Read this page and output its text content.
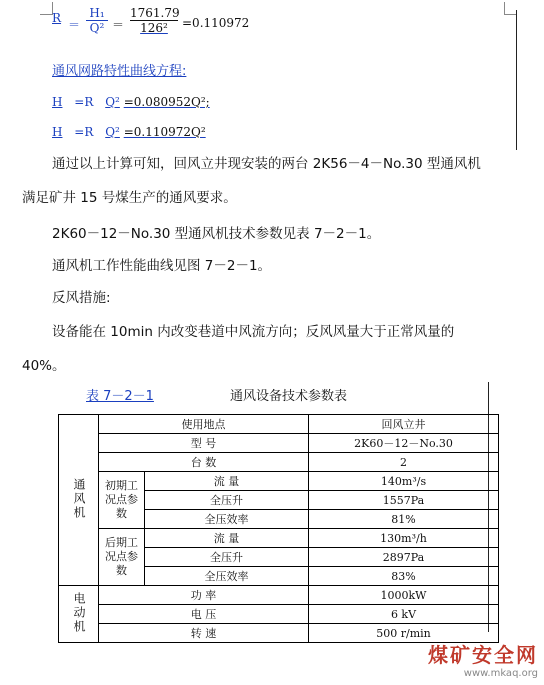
$R = \frac{\text{H₁}}{\text{Q²}}$ ＝
1761.79
126²	=0.110972
通风网路特性曲线方程:
H =R Q² =0.080952Q²;
H =R Q² =0.110972Q²
通过以上计算可知，回风立井现安装的两台 2K56－4－No.30 型通风机
满足矿井 15 号煤生产的通风要求。
2K60－12－No.30 型通风机技术参数见表 7－2－1。
通风机工作性能曲线见图 7－2－1。
反风措施:
设备能在 10min 内改变巷道中风流方向；反风风量大于正常风量的
40%。
表 7－2－1	通风设备技术参数表
通风机	使用地点		回风立井
	型 号		2K60－12－No.30
	台 数		2

	初期工况点参数	流 量	140m³/s
		全压升	1557Pa
		全压效率	81%

	后期工况点参数	流 量	130m³/h
		全压升	2897Pa
		全压效率	83%
电动机	功 率		1000kW
	电 压		6 kV
	转 速		500 r/min
煤矿安全网
www.mkaq.org
